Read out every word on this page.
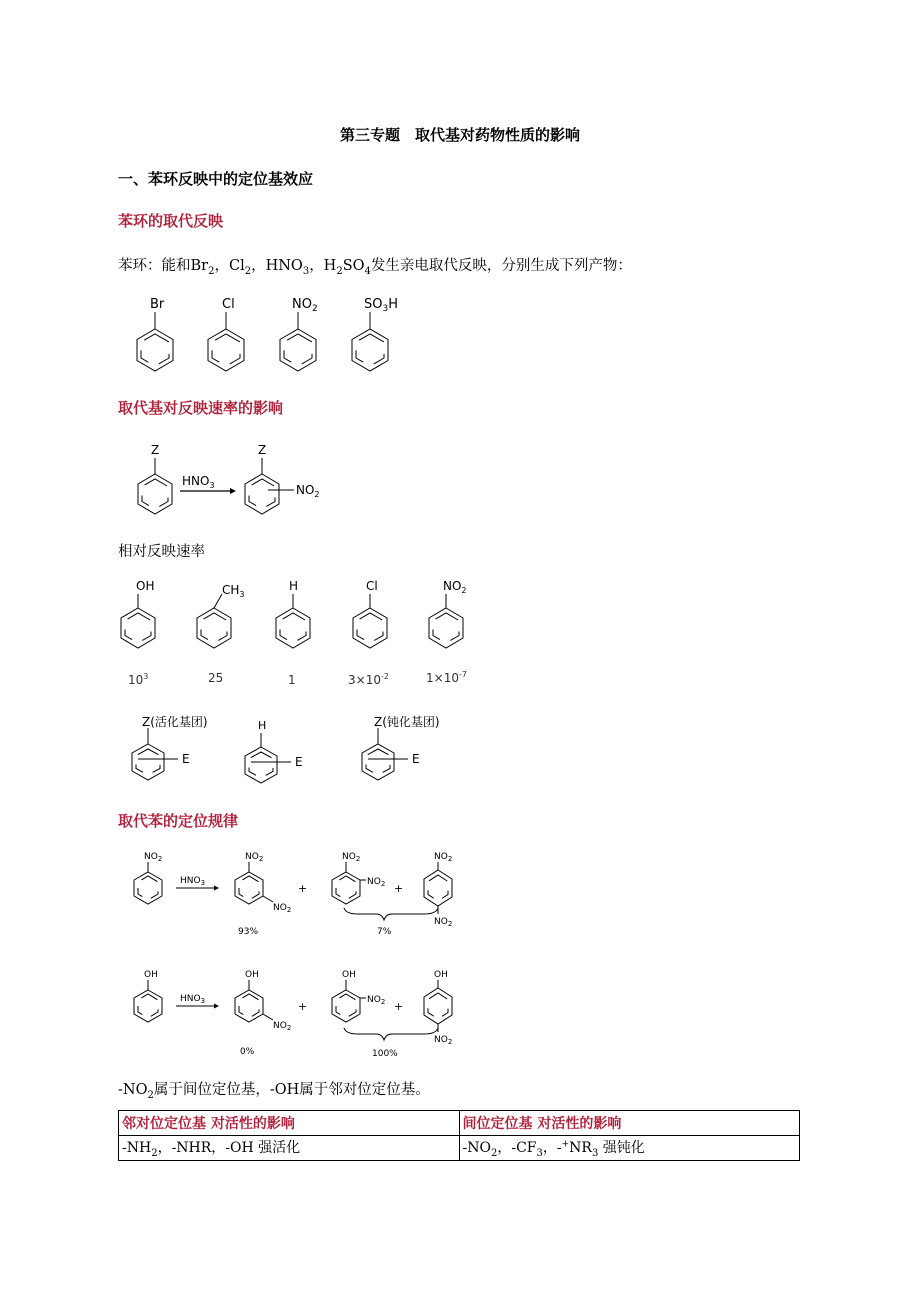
第三专题　取代基对药物性质的影响
一、苯环反映中的定位基效应
苯环的取代反映
苯环：能和$Br_2$，$Cl_2$，$HNO_3$，$H_2SO_4$发生亲电取代反映，分别生成下列产物：
Br	Cl	$NO_2$	$SO_3H$
取代基对反映速率的影响
Z
$HNO_3$
Z
$NO_2$
相对反映速率
OH	$CH_3$
H	Cl	$NO_2$
$10^3$	25	1	$3\times 10^{-2}$	$1\times 10^{-7}$
E
Z(活化基团)	H
E	E
Z(钝化基团)
取代苯的定位规律
$NO_2$
$HNO_3$
$NO_2$
$NO_2$
93%
+
$NO_2$
$NO_2$ +
$NO_2$
$NO_2$
7%
OH
$HNO_3$
OH
$NO_2$
0%
+
OH
$NO_2$ +
OH
$NO_2$
100%
$-NO_2$属于间位定位基，-OH属于邻对位定位基。
邻对位定位基 对活性的影响	间位定位基 对活性的影响
$-NH_2$，-NHR，-OH 强活化	$-NO_2$，$-CF_3$，$-^+NR_3$ 强钝化
